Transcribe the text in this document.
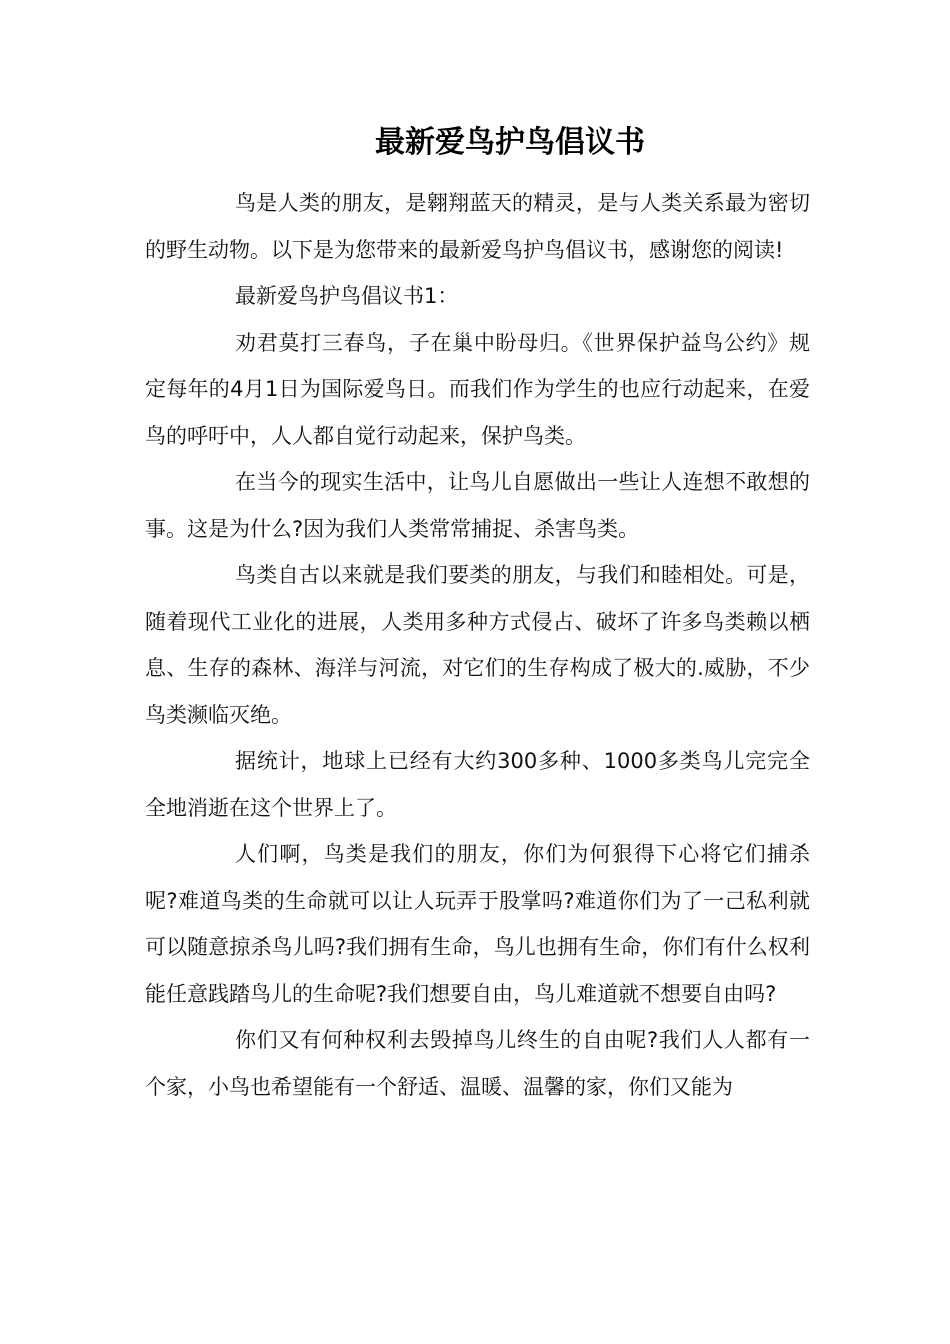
最新爱鸟护鸟倡议书

鸟是人类的朋友，是翱翔蓝天的精灵，是与人类关系最为密切的野生动物。以下是为您带来的最新爱鸟护鸟倡议书，感谢您的阅读!

最新爱鸟护鸟倡议书1：

劝君莫打三春鸟，子在巢中盼母归。《世界保护益鸟公约》规定每年的4月1日为国际爱鸟日。而我们作为学生的也应行动起来，在爱鸟的呼吁中，人人都自觉行动起来，保护鸟类。

在当今的现实生活中，让鸟儿自愿做出一些让人连想不敢想的事。这是为什么?因为我们人类常常捕捉、杀害鸟类。

鸟类自古以来就是我们要类的朋友，与我们和睦相处。可是，随着现代工业化的进展，人类用多种方式侵占、破坏了许多鸟类赖以栖息、生存的森林、海洋与河流，对它们的生存构成了极大的.威胁，不少鸟类濒临灭绝。

据统计，地球上已经有大约300多种、1000多类鸟儿完完全全地消逝在这个世界上了。

人们啊，鸟类是我们的朋友，你们为何狠得下心将它们捕杀呢?难道鸟类的生命就可以让人玩弄于股掌吗?难道你们为了一己私利就可以随意掠杀鸟儿吗?我们拥有生命，鸟儿也拥有生命，你们有什么权利能任意践踏鸟儿的生命呢?我们想要自由，鸟儿难道就不想要自由吗?

你们又有何种权利去毁掉鸟儿终生的自由呢?我们人人都有一个家，小鸟也希望能有一个舒适、温暖、温馨的家，你们又能为
